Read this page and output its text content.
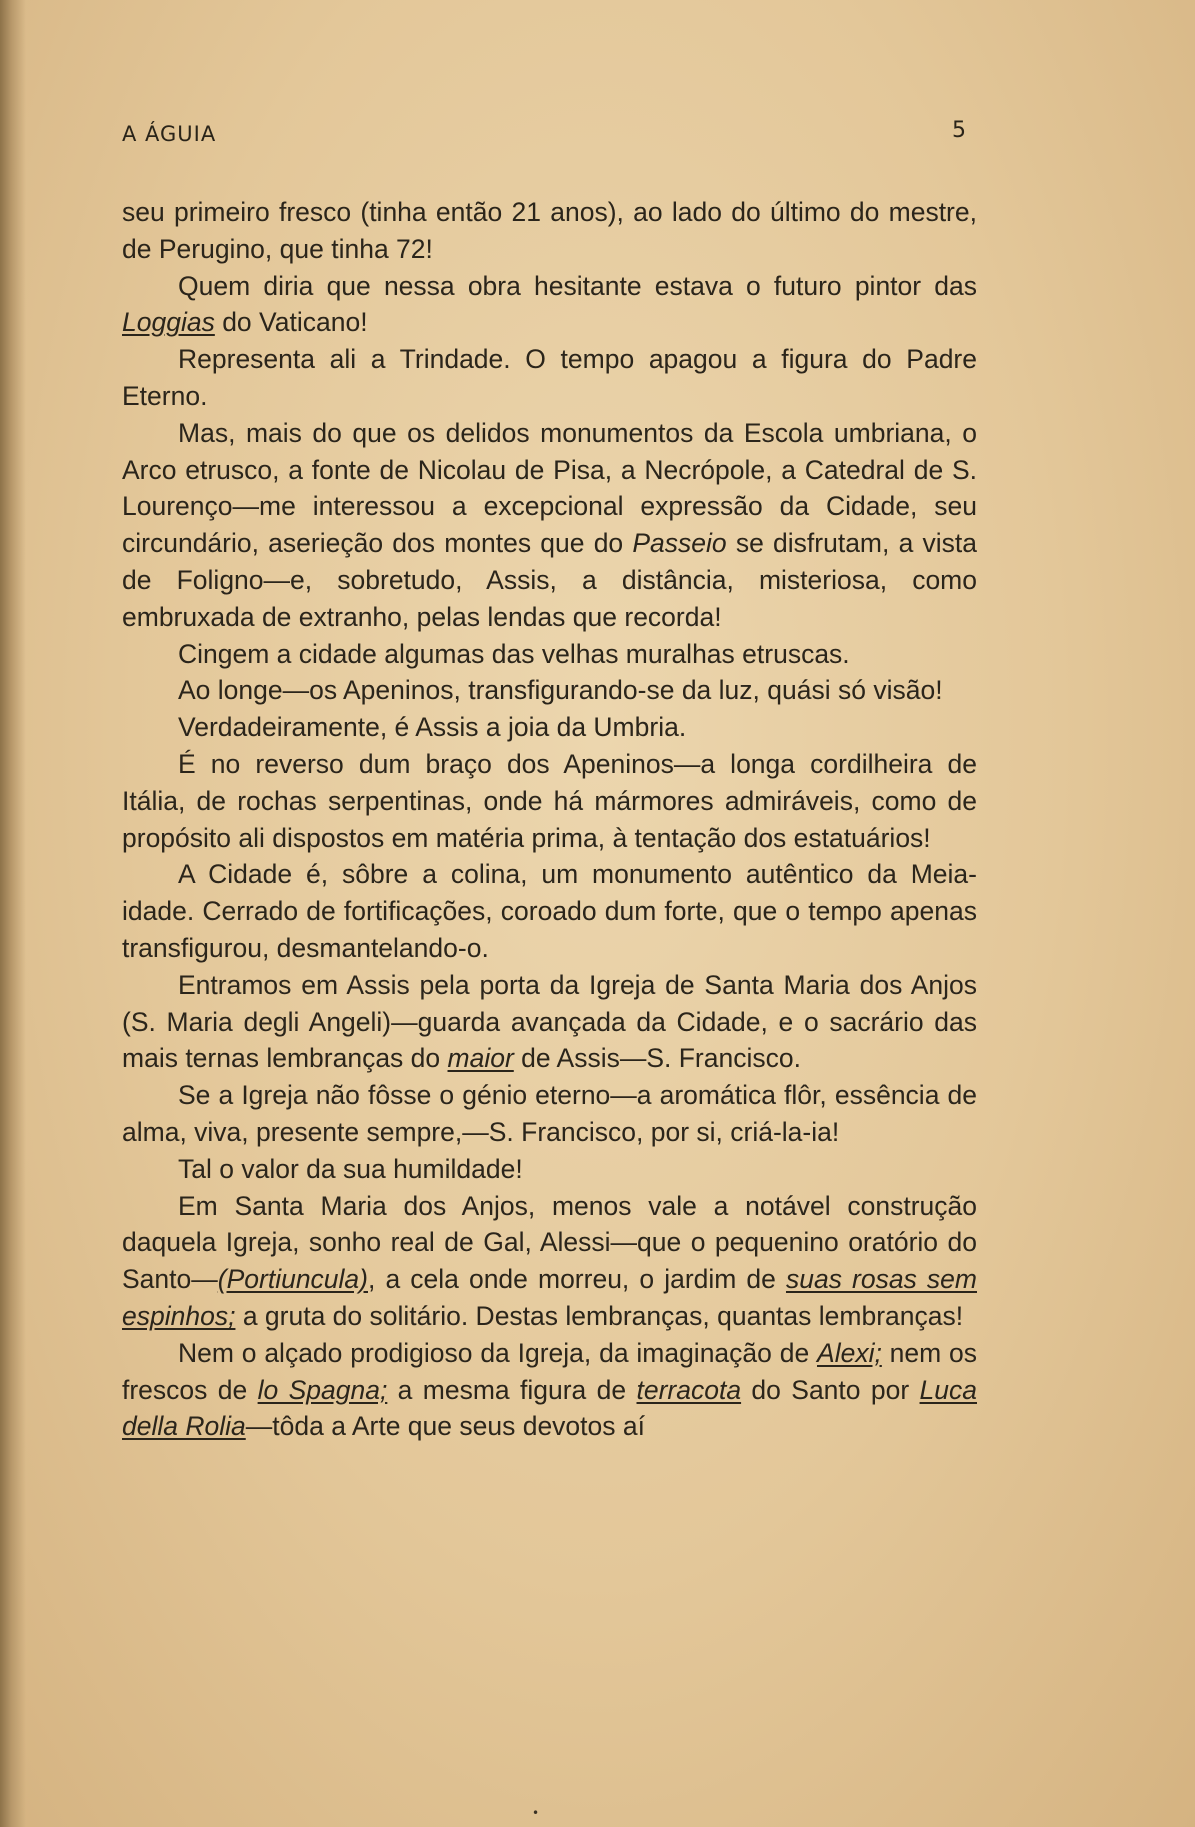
A ÁGUIA	5

seu primeiro fresco (tinha então 21 anos), ao lado do último do mestre, de Perugino, que tinha 72!

Quem diria que nessa obra hesitante estava o futuro pintor das Loggias do Vaticano!

Representa ali a Trindade. O tempo apagou a figura do Padre Eterno.

Mas, mais do que os delidos monumentos da Escola umbriana, o Arco etrusco, a fonte de Nicolau de Pisa, a Necrópole, a Catedral de S. Lourenço—me interessou a excepcional expressão da Cidade, seu circundário, aserieção dos montes que do Passeio se disfrutam, a vista de Foligno—e, sobretudo, Assis, a distância, misteriosa, como embruxada de extranho, pelas lendas que recorda!

Cingem a cidade algumas das velhas muralhas etruscas.

Ao longe—os Apeninos, transfigurando-se da luz, quási só visão!

Verdadeiramente, é Assis a joia da Umbria.

É no reverso dum braço dos Apeninos—a longa cordilheira de Itália, de rochas serpentinas, onde há mármores admiráveis, como de propósito ali dispostos em matéria prima, à tentação dos estatuários!

A Cidade é, sôbre a colina, um monumento autêntico da Meia-idade. Cerrado de fortificações, coroado dum forte, que o tempo apenas transfigurou, desmantelando-o.

Entramos em Assis pela porta da Igreja de Santa Maria dos Anjos (S. Maria degli Angeli)—guarda avançada da Cidade, e o sacrário das mais ternas lembranças do maior de Assis—S. Francisco.

Se a Igreja não fôsse o génio eterno—a aromática flôr, essência de alma, viva, presente sempre,—S. Francisco, por si, criá-la-ia!

Tal o valor da sua humildade!

Em Santa Maria dos Anjos, menos vale a notável construção daquela Igreja, sonho real de Gal, Alessi—que o pequenino oratório do Santo—(Portiuncula), a cela onde morreu, o jardim de suas rosas sem espinhos; a gruta do solitário. Destas lembranças, quantas lembranças!

Nem o alçado prodigioso da Igreja, da imaginação de Alexi; nem os frescos de lo Spagna; a mesma figura de terracota do Santo por Luca della Rolia—tôda a Arte que seus devotos aí

•
